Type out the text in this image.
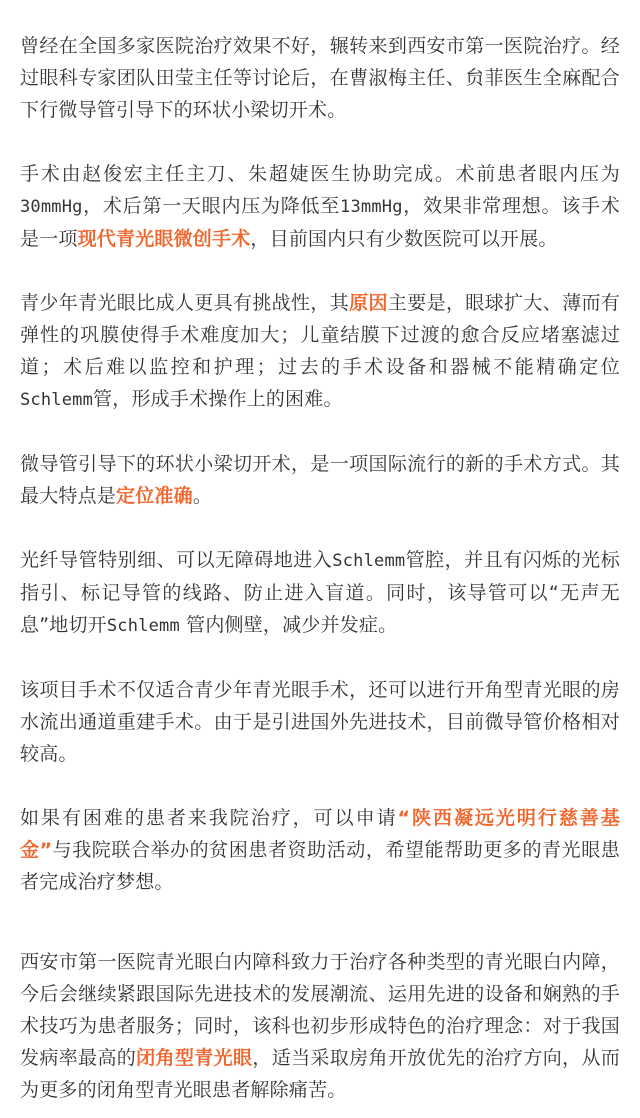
曾经在全国多家医院治疗效果不好，辗转来到西安市第一医院治疗。经过眼科专家团队田莹主任等讨论后，在曹淑梅主任、贠菲医生全麻配合下行微导管引导下的环状小梁切开术。

手术由赵俊宏主任主刀、朱超婕医生协助完成。术前患者眼内压为30mmHg，术后第一天眼内压为降低至13mmHg，效果非常理想。该手术是一项现代青光眼微创手术，目前国内只有少数医院可以开展。

青少年青光眼比成人更具有挑战性，其原因主要是，眼球扩大、薄而有弹性的巩膜使得手术难度加大；儿童结膜下过渡的愈合反应堵塞滤过道；术后难以监控和护理；过去的手术设备和器械不能精确定位Schlemm管，形成手术操作上的困难。

微导管引导下的环状小梁切开术，是一项国际流行的新的手术方式。其最大特点是定位准确。

光纤导管特别细、可以无障碍地进入Schlemm管腔，并且有闪烁的光标指引、标记导管的线路、防止进入盲道。同时，该导管可以“无声无息”地切开Schlemm 管内侧壁，减少并发症。

该项目手术不仅适合青少年青光眼手术，还可以进行开角型青光眼的房水流出通道重建手术。由于是引进国外先进技术，目前微导管价格相对较高。

如果有困难的患者来我院治疗，可以申请“陕西凝远光明行慈善基金”与我院联合举办的贫困患者资助活动，希望能帮助更多的青光眼患者完成治疗梦想。

西安市第一医院青光眼白内障科致力于治疗各种类型的青光眼白内障，今后会继续紧跟国际先进技术的发展潮流、运用先进的设备和娴熟的手术技巧为患者服务；同时，该科也初步形成特色的治疗理念：对于我国发病率最高的闭角型青光眼，适当采取房角开放优先的治疗方向，从而为更多的闭角型青光眼患者解除痛苦。
